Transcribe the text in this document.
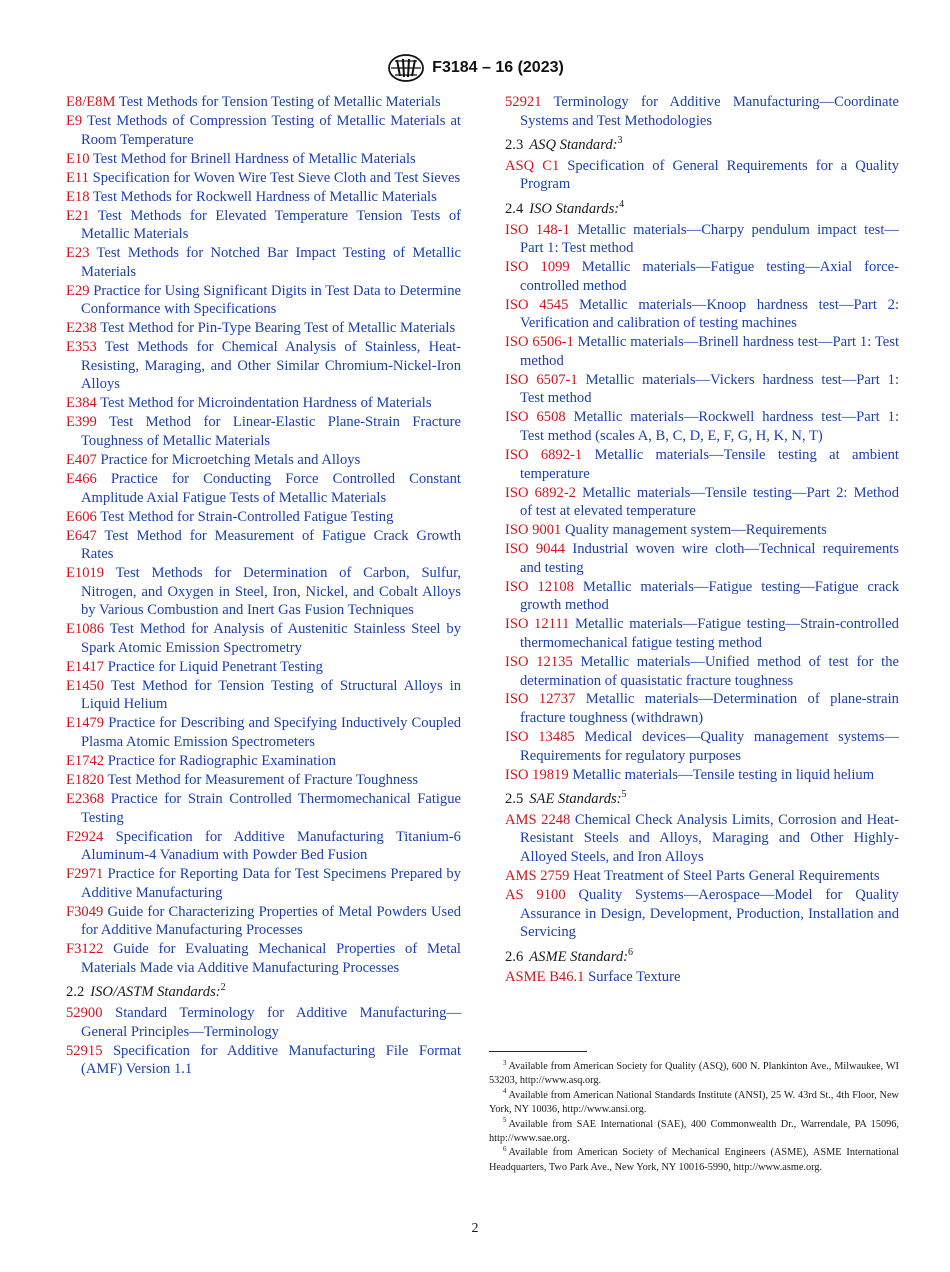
F3184 – 16 (2023)
E8/E8M Test Methods for Tension Testing of Metallic Materials
E9 Test Methods of Compression Testing of Metallic Materials at Room Temperature
E10 Test Method for Brinell Hardness of Metallic Materials
E11 Specification for Woven Wire Test Sieve Cloth and Test Sieves
E18 Test Methods for Rockwell Hardness of Metallic Materials
E21 Test Methods for Elevated Temperature Tension Tests of Metallic Materials
E23 Test Methods for Notched Bar Impact Testing of Metallic Materials
E29 Practice for Using Significant Digits in Test Data to Determine Conformance with Specifications
E238 Test Method for Pin-Type Bearing Test of Metallic Materials
E353 Test Methods for Chemical Analysis of Stainless, Heat-Resisting, Maraging, and Other Similar Chromium-Nickel-Iron Alloys
E384 Test Method for Microindentation Hardness of Materials
E399 Test Method for Linear-Elastic Plane-Strain Fracture Toughness of Metallic Materials
E407 Practice for Microetching Metals and Alloys
E466 Practice for Conducting Force Controlled Constant Amplitude Axial Fatigue Tests of Metallic Materials
E606 Test Method for Strain-Controlled Fatigue Testing
E647 Test Method for Measurement of Fatigue Crack Growth Rates
E1019 Test Methods for Determination of Carbon, Sulfur, Nitrogen, and Oxygen in Steel, Iron, Nickel, and Cobalt Alloys by Various Combustion and Inert Gas Fusion Techniques
E1086 Test Method for Analysis of Austenitic Stainless Steel by Spark Atomic Emission Spectrometry
E1417 Practice for Liquid Penetrant Testing
E1450 Test Method for Tension Testing of Structural Alloys in Liquid Helium
E1479 Practice for Describing and Specifying Inductively Coupled Plasma Atomic Emission Spectrometers
E1742 Practice for Radiographic Examination
E1820 Test Method for Measurement of Fracture Toughness
E2368 Practice for Strain Controlled Thermomechanical Fatigue Testing
F2924 Specification for Additive Manufacturing Titanium-6 Aluminum-4 Vanadium with Powder Bed Fusion
F2971 Practice for Reporting Data for Test Specimens Prepared by Additive Manufacturing
F3049 Guide for Characterizing Properties of Metal Powders Used for Additive Manufacturing Processes
F3122 Guide for Evaluating Mechanical Properties of Metal Materials Made via Additive Manufacturing Processes
2.2 ISO/ASTM Standards:$^2$
52900 Standard Terminology for Additive Manufacturing—General Principles—Terminology
52915 Specification for Additive Manufacturing File Format (AMF) Version 1.1
52921 Terminology for Additive Manufacturing—Coordinate Systems and Test Methodologies
2.3 ASQ Standard:$^3$
ASQ C1 Specification of General Requirements for a Quality Program
2.4 ISO Standards:$^4$
ISO 148-1 Metallic materials—Charpy pendulum impact test—Part 1: Test method
ISO 1099 Metallic materials—Fatigue testing—Axial force-controlled method
ISO 4545 Metallic materials—Knoop hardness test—Part 2: Verification and calibration of testing machines
ISO 6506-1 Metallic materials—Brinell hardness test—Part 1: Test method
ISO 6507-1 Metallic materials—Vickers hardness test—Part 1: Test method
ISO 6508 Metallic materials—Rockwell hardness test—Part 1: Test method (scales A, B, C, D, E, F, G, H, K, N, T)
ISO 6892-1 Metallic materials—Tensile testing at ambient temperature
ISO 6892-2 Metallic materials—Tensile testing—Part 2: Method of test at elevated temperature
ISO 9001 Quality management system—Requirements
ISO 9044 Industrial woven wire cloth—Technical requirements and testing
ISO 12108 Metallic materials—Fatigue testing—Fatigue crack growth method
ISO 12111 Metallic materials—Fatigue testing—Strain-controlled thermomechanical fatigue testing method
ISO 12135 Metallic materials—Unified method of test for the determination of quasistatic fracture toughness
ISO 12737 Metallic materials—Determination of plane-strain fracture toughness (withdrawn)
ISO 13485 Medical devices—Quality management systems—Requirements for regulatory purposes
ISO 19819 Metallic materials—Tensile testing in liquid helium
2.5 SAE Standards:$^5$
AMS 2248 Chemical Check Analysis Limits, Corrosion and Heat-Resistant Steels and Alloys, Maraging and Other Highly-Alloyed Steels, and Iron Alloys
AMS 2759 Heat Treatment of Steel Parts General Requirements
AS 9100 Quality Systems—Aerospace—Model for Quality Assurance in Design, Development, Production, Installation and Servicing
2.6 ASME Standard:$^6$
ASME B46.1 Surface Texture
$^3$ Available from American Society for Quality (ASQ), 600 N. Plankinton Ave., Milwaukee, WI 53203, http://www.asq.org.
$^4$ Available from American National Standards Institute (ANSI), 25 W. 43rd St., 4th Floor, New York, NY 10036, http://www.ansi.org.
$^5$ Available from SAE International (SAE), 400 Commonwealth Dr., Warrendale, PA 15096, http://www.sae.org.
$^6$ Available from American Society of Mechanical Engineers (ASME), ASME International Headquarters, Two Park Ave., New York, NY 10016-5990, http://www.asme.org.
2
